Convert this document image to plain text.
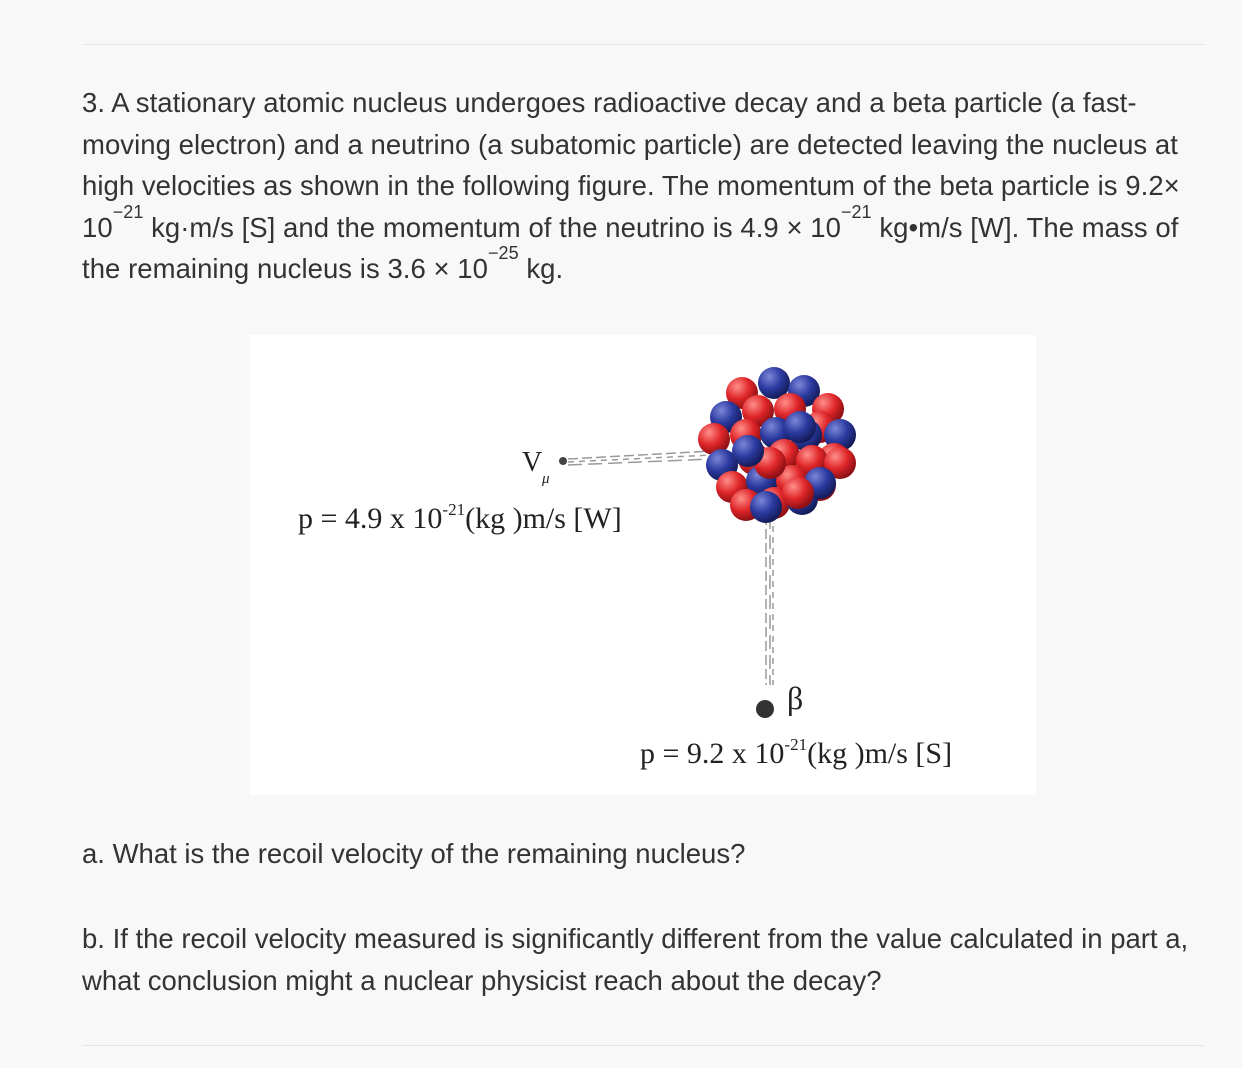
3. A stationary atomic nucleus undergoes radioactive decay and a beta particle (a fast- moving electron) and a neutrino (a subatomic particle) are detected leaving the nucleus at high velocities as shown in the following figure. The momentum of the beta particle is $9.2\times 10^{-21}$ kg·m/s [S] and the momentum of the neutrino is $4.9 \times 10^{-21}$ kg•m/s [W]. The mass of the remaining nucleus is $3.6 \times 10^{-25}$ kg.

V
μ
p = 4.9 x $10^{-21}(kg$ )m/s [W]
β
p = 9.2 x $10^{-21}(kg$ )m/s [S]

a. What is the recoil velocity of the remaining nucleus?

b. If the recoil velocity measured is significantly different from the value calculated in part a, what conclusion might a nuclear physicist reach about the decay?
